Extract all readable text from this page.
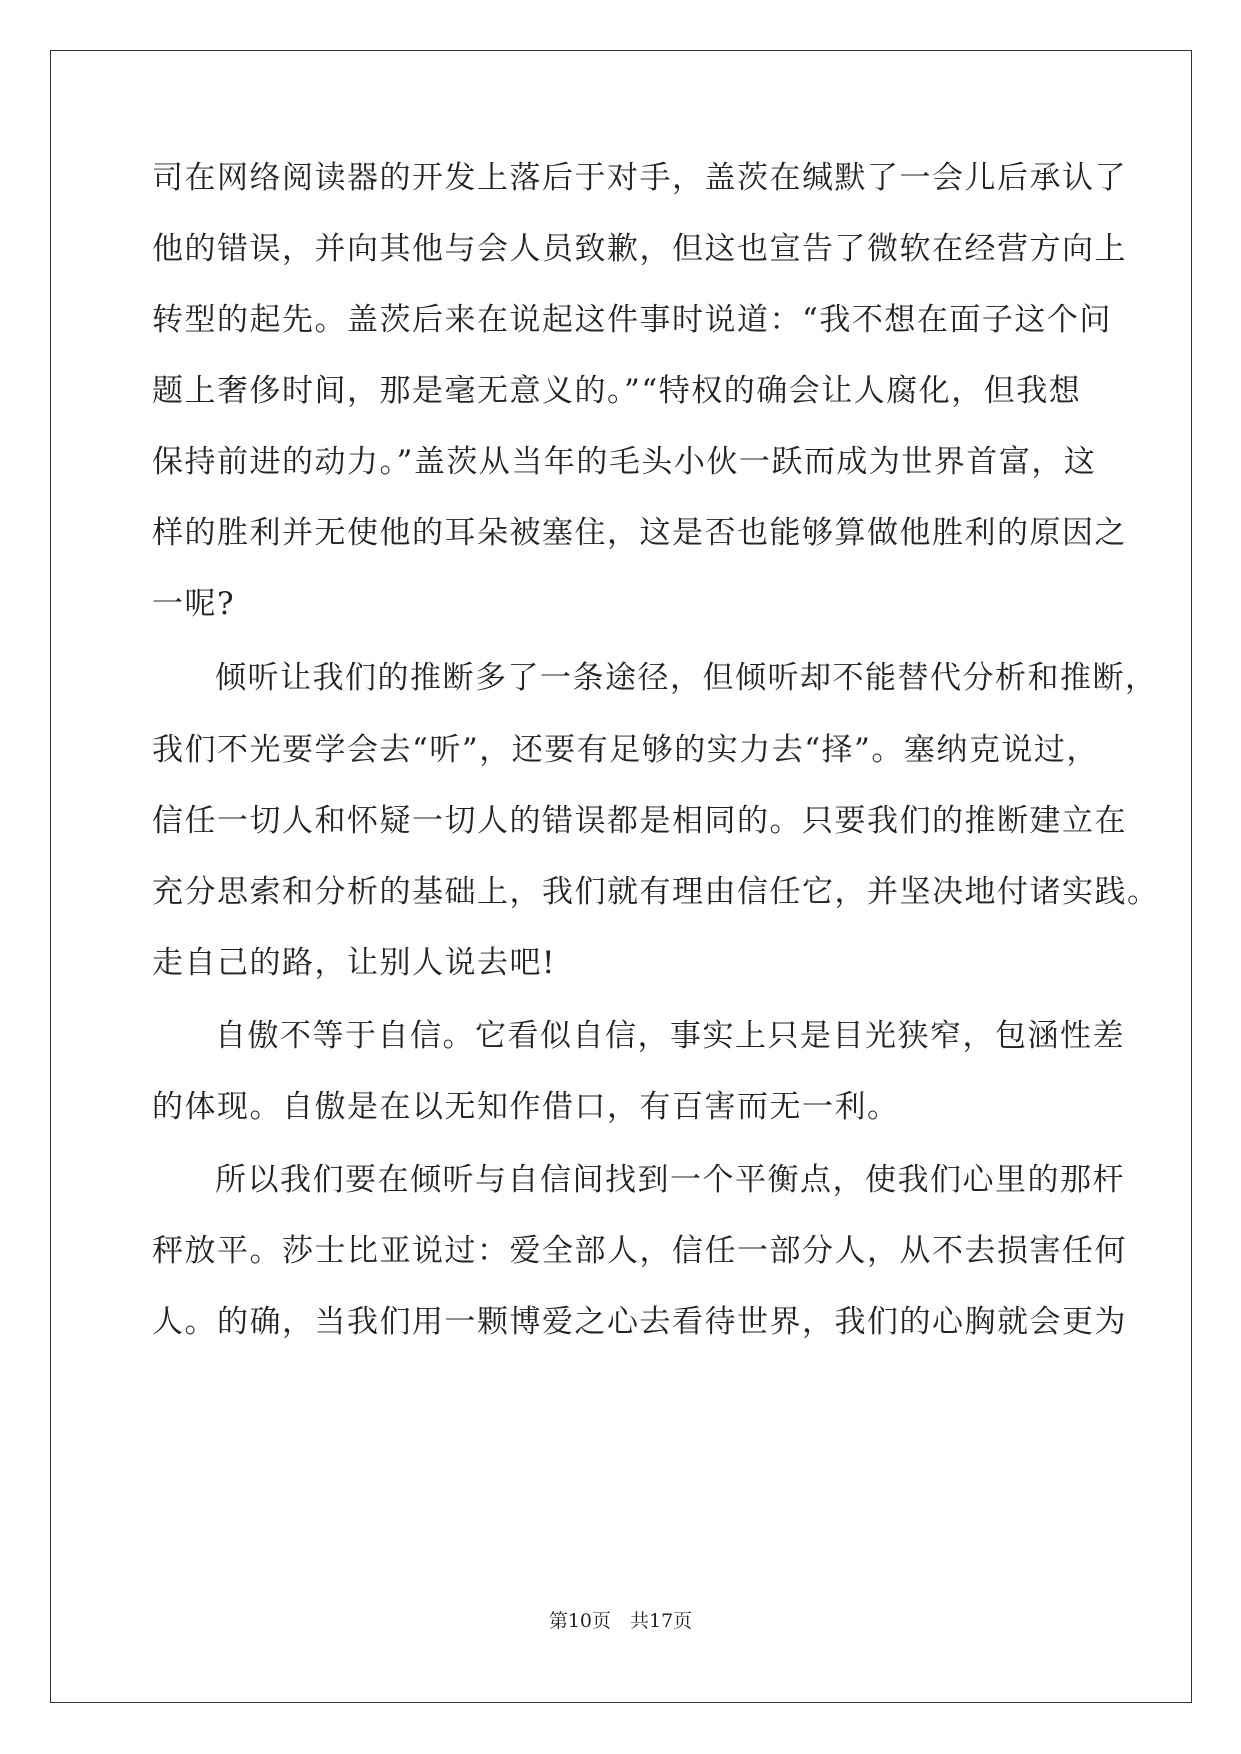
司在网络阅读器的开发上落后于对手，盖茨在缄默了一会儿后承认了
他的错误，并向其他与会人员致歉，但这也宣告了微软在经营方向上
转型的起先。盖茨后来在说起这件事时说道：“我不想在面子这个问
题上奢侈时间，那是毫无意义的。”“特权的确会让人腐化，但我想
保持前进的动力。”盖茨从当年的毛头小伙一跃而成为世界首富，这
样的胜利并无使他的耳朵被塞住，这是否也能够算做他胜利的原因之
一呢?
倾听让我们的推断多了一条途径，但倾听却不能替代分析和推断，
我们不光要学会去“听”，还要有足够的实力去“择”。塞纳克说过，
信任一切人和怀疑一切人的错误都是相同的。只要我们的推断建立在
充分思索和分析的基础上，我们就有理由信任它，并坚决地付诸实践。
走自己的路，让别人说去吧!
自傲不等于自信。它看似自信，事实上只是目光狭窄，包涵性差
的体现。自傲是在以无知作借口，有百害而无一利。
所以我们要在倾听与自信间找到一个平衡点，使我们心里的那杆
秤放平。莎士比亚说过：爱全部人，信任一部分人，从不去损害任何
人。的确，当我们用一颗博爱之心去看待世界，我们的心胸就会更为
第10页　共17页
